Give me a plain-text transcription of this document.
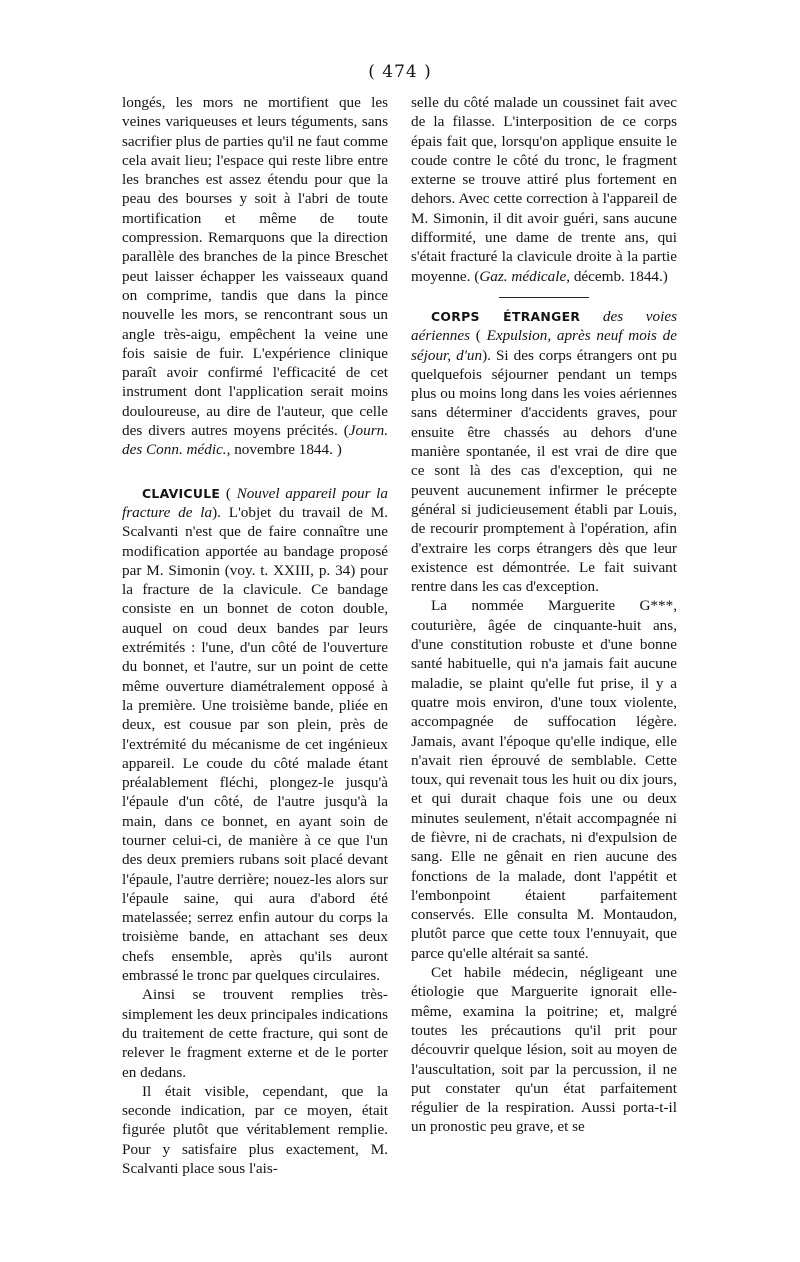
( 474 )

longés, les mors ne mortifient que les veines variqueuses et leurs téguments, sans sacrifier plus de parties qu'il ne faut comme cela avait lieu; l'espace qui reste libre entre les branches est assez étendu pour que la peau des bourses y soit à l'abri de toute mortification et même de toute compression. Remarquons que la direction parallèle des branches de la pince Breschet peut laisser échapper les vaisseaux quand on comprime, tandis que dans la pince nouvelle les mors, se rencontrant sous un angle très-aigu, empêchent la veine une fois saisie de fuir. L'expérience clinique paraît avoir confirmé l'efficacité de cet instrument dont l'application serait moins douloureuse, au dire de l'auteur, que celle des divers autres moyens précités. (Journ. des Conn. médic., novembre 1844. )

CLAVICULE ( Nouvel appareil pour la fracture de la). L'objet du travail de M. Scalvanti n'est que de faire connaître une modification apportée au bandage proposé par M. Simonin (voy. t. XXIII, p. 34) pour la fracture de la clavicule. Ce bandage consiste en un bonnet de coton double, auquel on coud deux bandes par leurs extrémités : l'une, d'un côté de l'ouverture du bonnet, et l'autre, sur un point de cette même ouverture diamétralement opposé à la première. Une troisième bande, pliée en deux, est cousue par son plein, près de l'extrémité du mécanisme de cet ingénieux appareil. Le coude du côté malade étant préalablement fléchi, plongez-le jusqu'à l'épaule d'un côté, de l'autre jusqu'à la main, dans ce bonnet, en ayant soin de tourner celui-ci, de manière à ce que l'un des deux premiers rubans soit placé devant l'épaule, l'autre derrière; nouez-les alors sur l'épaule saine, qui aura d'abord été matelassée; serrez enfin autour du corps la troisième bande, en attachant ses deux chefs ensemble, après qu'ils auront embrassé le tronc par quelques circulaires.

Ainsi se trouvent remplies très-simplement les deux principales indications du traitement de cette fracture, qui sont de relever le fragment externe et de le porter en dedans.

Il était visible, cependant, que la seconde indication, par ce moyen, était figurée plutôt que véritablement remplie. Pour y satisfaire plus exactement, M. Scalvanti place sous l'ais-

selle du côté malade un coussinet fait avec de la filasse. L'interposition de ce corps épais fait que, lorsqu'on applique ensuite le coude contre le côté du tronc, le fragment externe se trouve attiré plus fortement en dehors. Avec cette correction à l'appareil de M. Simonin, il dit avoir guéri, sans aucune difformité, une dame de trente ans, qui s'était fracturé la clavicule droite à la partie moyenne. (Gaz. médicale, décemb. 1844.)

CORPS ÉTRANGER des voies aériennes ( Expulsion, après neuf mois de séjour, d'un). Si des corps étrangers ont pu quelquefois séjourner pendant un temps plus ou moins long dans les voies aériennes sans déterminer d'accidents graves, pour ensuite être chassés au dehors d'une manière spontanée, il est vrai de dire que ce sont là des cas d'exception, qui ne peuvent aucunement infirmer le précepte général si judicieusement établi par Louis, de recourir promptement à l'opération, afin d'extraire les corps étrangers dès que leur existence est démontrée. Le fait suivant rentre dans les cas d'exception.

La nommée Marguerite G***, couturière, âgée de cinquante-huit ans, d'une constitution robuste et d'une bonne santé habituelle, qui n'a jamais fait aucune maladie, se plaint qu'elle fut prise, il y a quatre mois environ, d'une toux violente, accompagnée de suffocation légère. Jamais, avant l'époque qu'elle indique, elle n'avait rien éprouvé de semblable. Cette toux, qui revenait tous les huit ou dix jours, et qui durait chaque fois une ou deux minutes seulement, n'était accompagnée ni de fièvre, ni de crachats, ni d'expulsion de sang. Elle ne gênait en rien aucune des fonctions de la malade, dont l'appétit et l'embonpoint étaient parfaitement conservés. Elle consulta M. Montaudon, plutôt parce que cette toux l'ennuyait, que parce qu'elle altérait sa santé.

Cet habile médecin, négligeant une étiologie que Marguerite ignorait elle-même, examina la poitrine; et, malgré toutes les précautions qu'il prit pour découvrir quelque lésion, soit au moyen de l'auscultation, soit par la percussion, il ne put constater qu'un état parfaitement régulier de la respiration. Aussi porta-t-il un pronostic peu grave, et se
